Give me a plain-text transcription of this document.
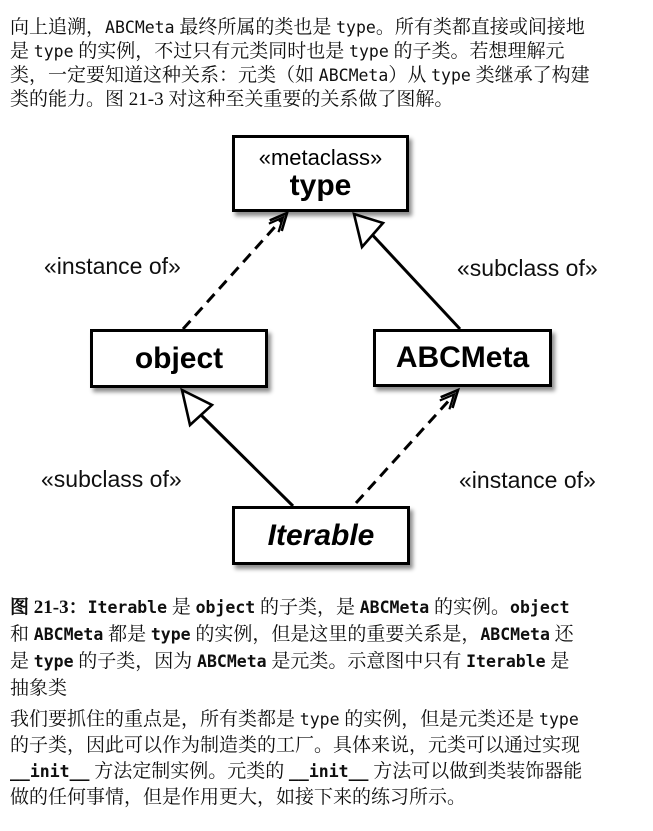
向上追溯，ABCMeta 最终所属的类也是 type。所有类都直接或间接地
是 type 的实例，不过只有元类同时也是 type 的子类。若想理解元
类，一定要知道这种关系：元类（如 ABCMeta）从 type 类继承了构建
类的能力。图 21-3 对这种至关重要的关系做了图解。
«metaclass»
type
object	ABCMeta
Iterable
«instance of»	«subclass of»
«subclass of»	«instance of»
图 21-3：Iterable 是 object 的子类，是 ABCMeta 的实例。object
和 ABCMeta 都是 type 的实例，但是这里的重要关系是，ABCMeta 还
是 type 的子类，因为 ABCMeta 是元类。示意图中只有 Iterable 是
抽象类
我们要抓住的重点是，所有类都是 type 的实例，但是元类还是 type
的子类，因此可以作为制造类的工厂。具体来说，元类可以通过实现
__init__ 方法定制实例。元类的 __init__ 方法可以做到类装饰器能
做的任何事情，但是作用更大，如接下来的练习所示。
